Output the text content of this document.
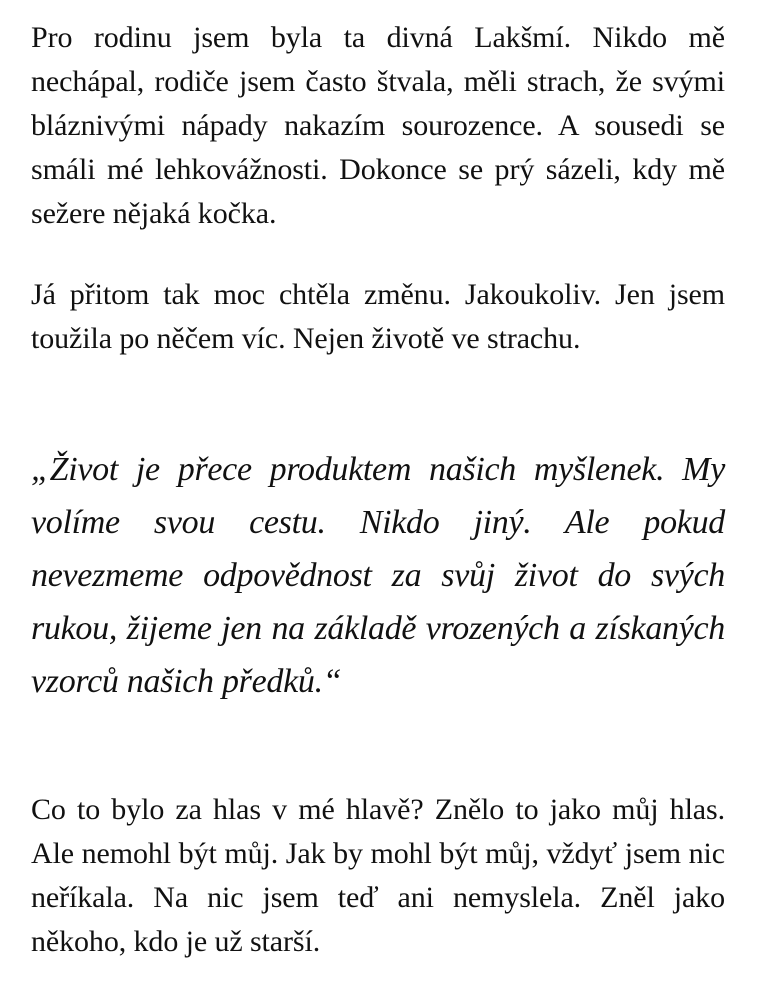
Pro rodinu jsem byla ta divná Lakšmí. Nikdo mě nechápal, rodiče jsem často štvala, měli strach, že svými bláznivými nápady nakazím sourozence. A sousedi se smáli mé lehkovážnosti. Dokonce se prý sázeli, kdy mě sežere nějaká kočka.

Já přitom tak moc chtěla změnu. Jakoukoliv. Jen jsem toužila po něčem víc. Nejen životě ve strachu.

„Život je přece produktem našich myšlenek. My volíme svou cestu. Nikdo jiný. Ale pokud nevezmeme odpovědnost za svůj život do svých rukou, žijeme jen na základě vrozených a získaných vzorců našich předků.“

Co to bylo za hlas v mé hlavě? Znělo to jako můj hlas. Ale nemohl být můj. Jak by mohl být můj, vždyť jsem nic neříkala. Na nic jsem teď ani nemyslela. Zněl jako někoho, kdo je už starší.
